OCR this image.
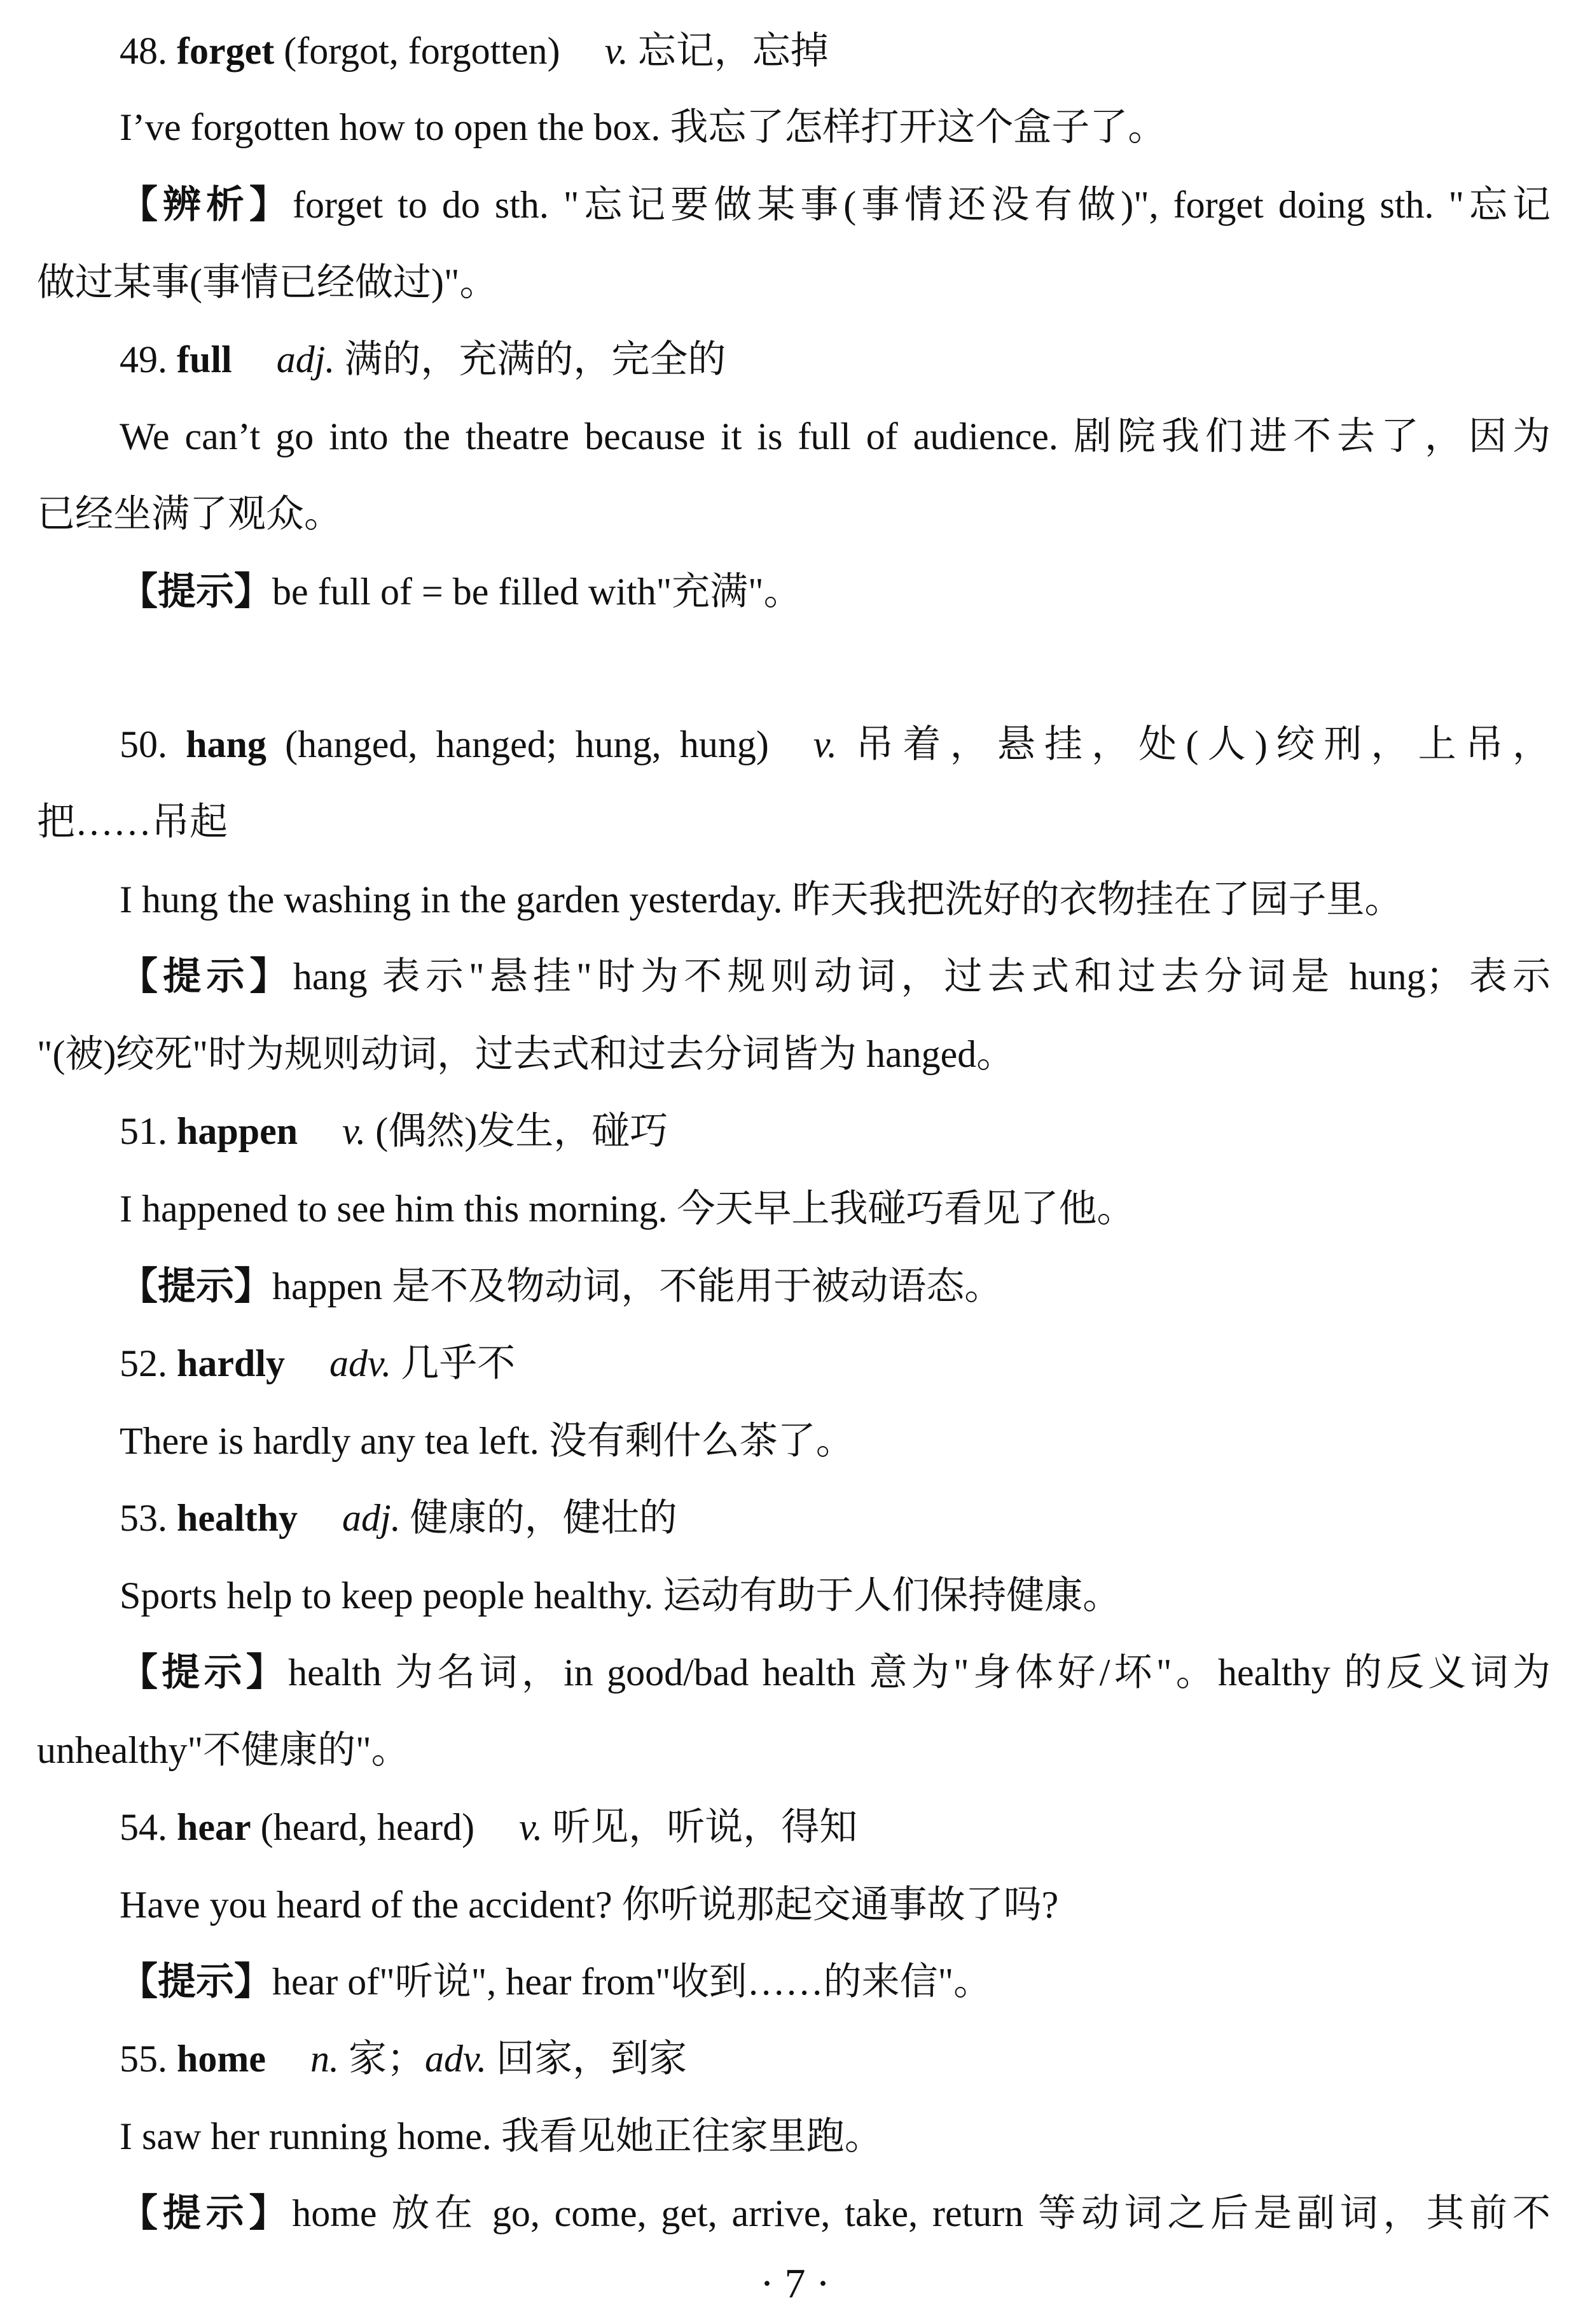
48. forget (forgot, forgotten) v. 忘记，忘掉
I’ve forgotten how to open the box. 我忘了怎样打开这个盒子了。
【辨析】forget to do sth. "忘记要做某事(事情还没有做)", forget doing sth. "忘记
做过某事(事情已经做过)"。
49. full adj. 满的，充满的，完全的
We can’t go into the theatre because it is full of audience. 剧院我们进不去了，因为
已经坐满了观众。
【提示】be full of = be filled with"充满"。
50. hang (hanged, hanged; hung, hung) v. 吊着，悬挂，处(人)绞刑，上吊，
把……吊起
I hung the washing in the garden yesterday. 昨天我把洗好的衣物挂在了园子里。
【提示】hang 表示"悬挂"时为不规则动词，过去式和过去分词是 hung；表示
"(被)绞死"时为规则动词，过去式和过去分词皆为 hanged。
51. happen v. (偶然)发生，碰巧
I happened to see him this morning. 今天早上我碰巧看见了他。
【提示】happen 是不及物动词，不能用于被动语态。
52. hardly adv. 几乎不
There is hardly any tea left. 没有剩什么茶了。
53. healthy adj. 健康的，健壮的
Sports help to keep people healthy. 运动有助于人们保持健康。
【提示】health 为名词，in good/bad health 意为"身体好/坏"。healthy 的反义词为
unhealthy"不健康的"。
54. hear (heard, heard) v. 听见，听说，得知
Have you heard of the accident? 你听说那起交通事故了吗?
【提示】hear of"听说", hear from"收到……的来信"。
55. home n. 家；adv. 回家，到家
I saw her running home. 我看见她正往家里跑。
【提示】home 放在 go, come, get, arrive, take, return 等动词之后是副词，其前不
· 7 ·
